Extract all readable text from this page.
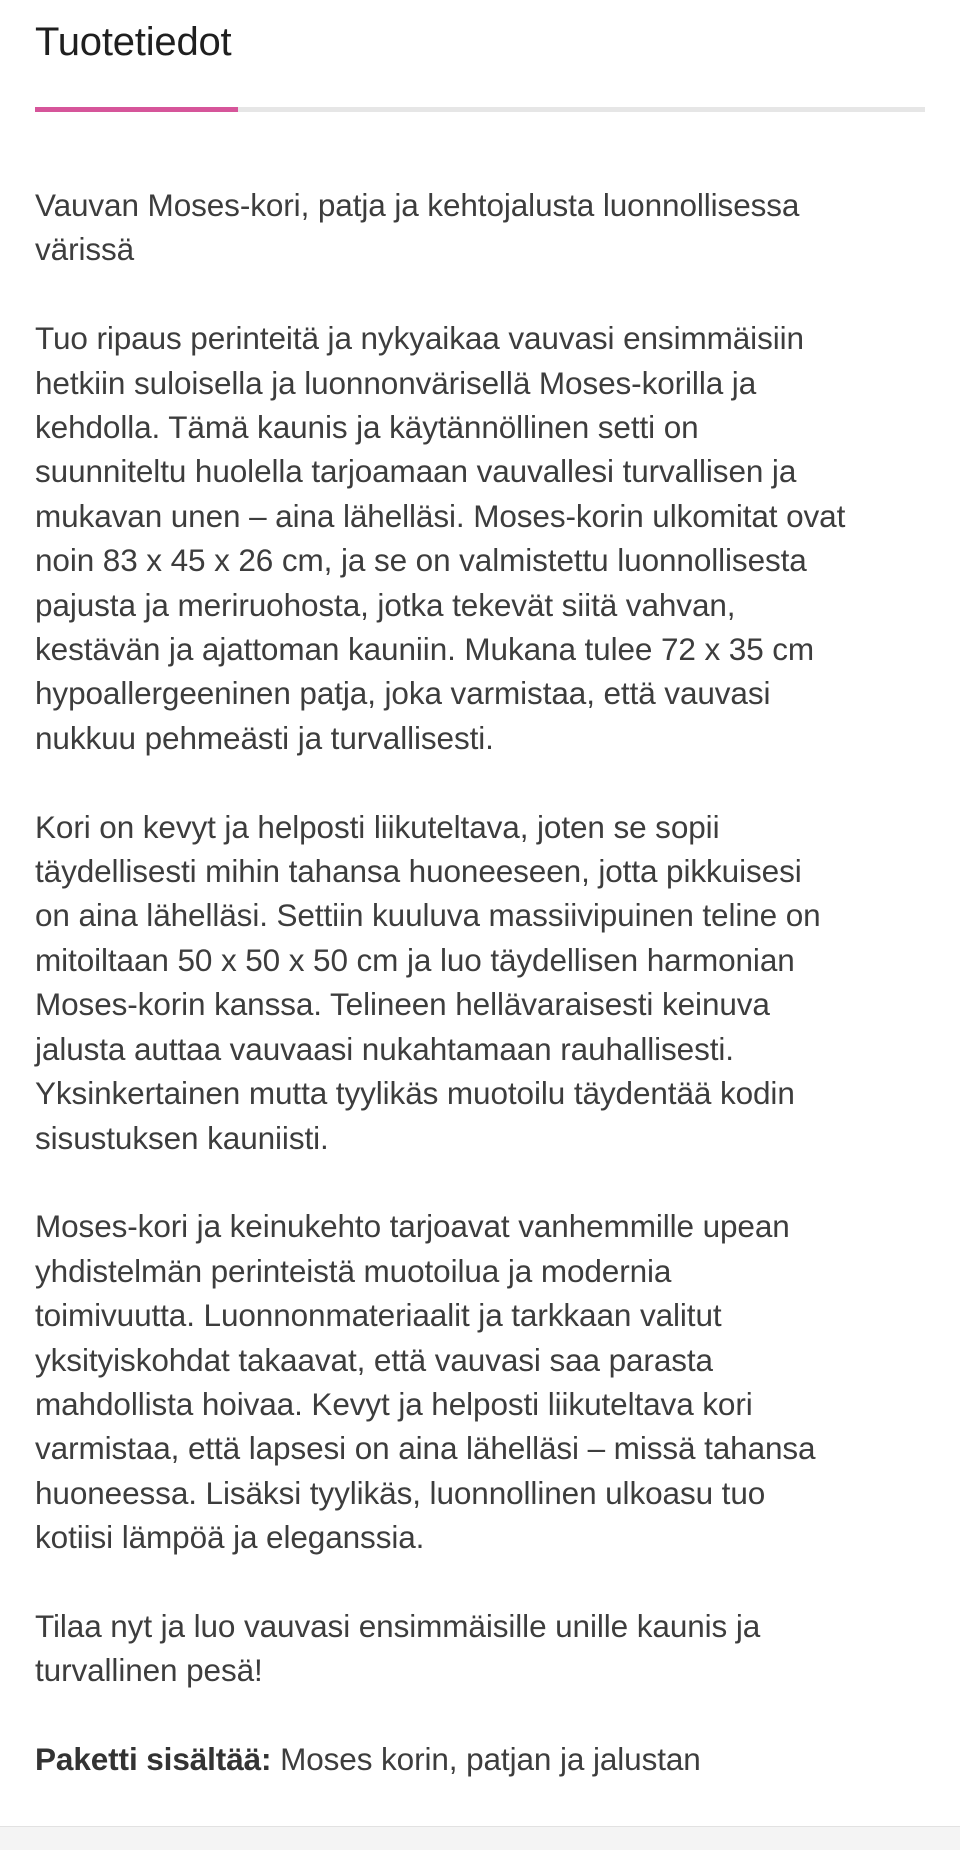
Tuotetiedot

Vauvan Moses-kori, patja ja kehtojalusta luonnollisessa
värissä

Tuo ripaus perinteitä ja nykyaikaa vauvasi ensimmäisiin
hetkiin suloisella ja luonnonvärisellä Moses-korilla ja
kehdolla. Tämä kaunis ja käytännöllinen setti on
suunniteltu huolella tarjoamaan vauvallesi turvallisen ja
mukavan unen – aina lähelläsi. Moses-korin ulkomitat ovat
noin 83 x 45 x 26 cm, ja se on valmistettu luonnollisesta
pajusta ja meriruohosta, jotka tekevät siitä vahvan,
kestävän ja ajattoman kauniin. Mukana tulee 72 x 35 cm
hypoallergeeninen patja, joka varmistaa, että vauvasi
nukkuu pehmeästi ja turvallisesti.

Kori on kevyt ja helposti liikuteltava, joten se sopii
täydellisesti mihin tahansa huoneeseen, jotta pikkuisesi
on aina lähelläsi. Settiin kuuluva massiivipuinen teline on
mitoiltaan 50 x 50 x 50 cm ja luo täydellisen harmonian
Moses-korin kanssa. Telineen hellävaraisesti keinuva
jalusta auttaa vauvaasi nukahtamaan rauhallisesti.
Yksinkertainen mutta tyylikäs muotoilu täydentää kodin
sisustuksen kauniisti.

Moses-kori ja keinukehto tarjoavat vanhemmille upean
yhdistelmän perinteistä muotoilua ja modernia
toimivuutta. Luonnonmateriaalit ja tarkkaan valitut
yksityiskohdat takaavat, että vauvasi saa parasta
mahdollista hoivaa. Kevyt ja helposti liikuteltava kori
varmistaa, että lapsesi on aina lähelläsi – missä tahansa
huoneessa. Lisäksi tyylikäs, luonnollinen ulkoasu tuo
kotiisi lämpöä ja eleganssia.

Tilaa nyt ja luo vauvasi ensimmäisille unille kaunis ja
turvallinen pesä!

Paketti sisältää: Moses korin, patjan ja jalustan
